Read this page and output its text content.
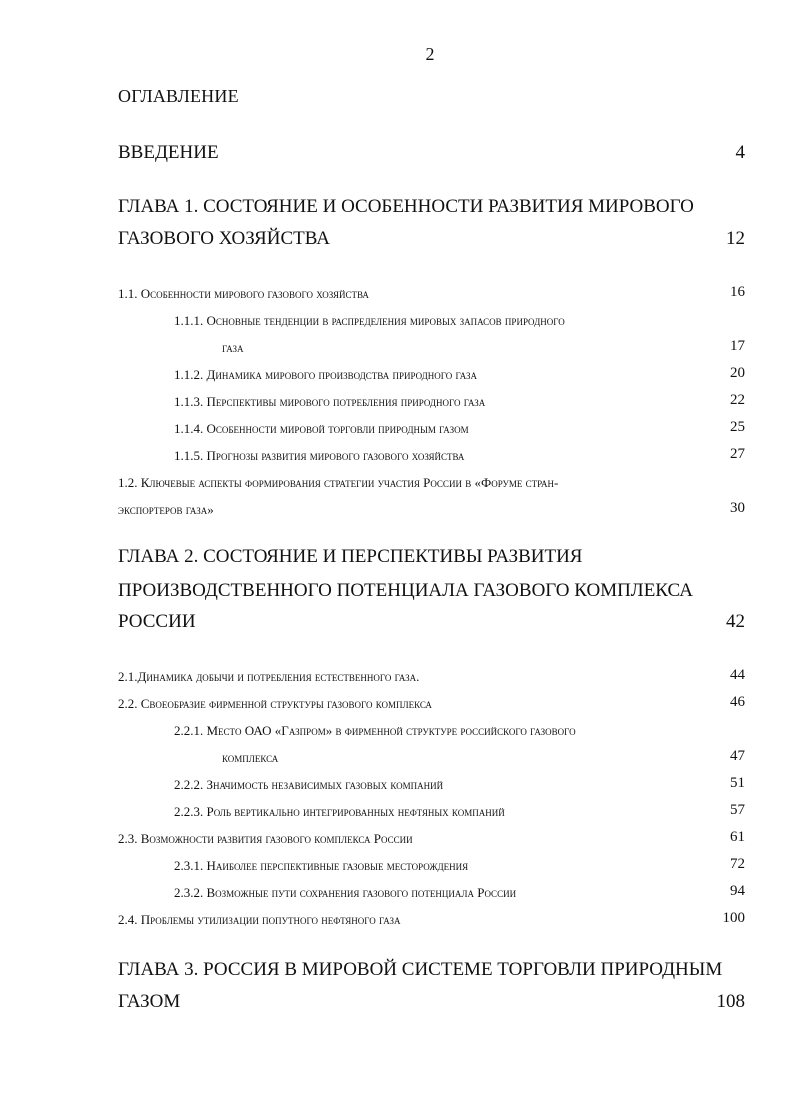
2
ОГЛАВЛЕНИЕ
ВВЕДЕНИЕ	4
ГЛАВА 1. СОСТОЯНИЕ И ОСОБЕННОСТИ РАЗВИТИЯ МИРОВОГО
ГАЗОВОГО ХОЗЯЙСТВА	12
1.1. Особенности мирового газового хозяйства	16
1.1.1. Основные тенденции в распределения мировых запасов природного
газа	17
1.1.2. Динамика мирового производства природного газа	20
1.1.3. Перспективы мирового потребления природного газа	22
1.1.4. Особенности мировой торговли природным газом	25
1.1.5. Прогнозы развития мирового газового хозяйства	27
1.2. Ключевые аспекты формирования стратегии участия России в «Форуме стран-
экспортеров газа»	30
ГЛАВА 2. СОСТОЯНИЕ И ПЕРСПЕКТИВЫ РАЗВИТИЯ
ПРОИЗВОДСТВЕННОГО ПОТЕНЦИАЛА ГАЗОВОГО КОМПЛЕКСА
РОССИИ	42
2.1.Динамика добычи и потребления естественного газа.	44
2.2. Своеобразие фирменной структуры газового комплекса	46
2.2.1. Место ОАО «Газпром» в фирменной структуре российского газового
комплекса	47
2.2.2. Значимость независимых газовых компаний	51
2.2.3. Роль вертикально интегрированных нефтяных компаний	57
2.3. Возможности развития газового комплекса России	61
2.3.1. Наиболее перспективные газовые месторождения	72
2.3.2. Возможные пути сохранения газового потенциала России	94
2.4. Проблемы утилизации попутного нефтяного газа	100
ГЛАВА 3. РОССИЯ В МИРОВОЙ СИСТЕМЕ ТОРГОВЛИ ПРИРОДНЫМ
ГАЗОМ	108
